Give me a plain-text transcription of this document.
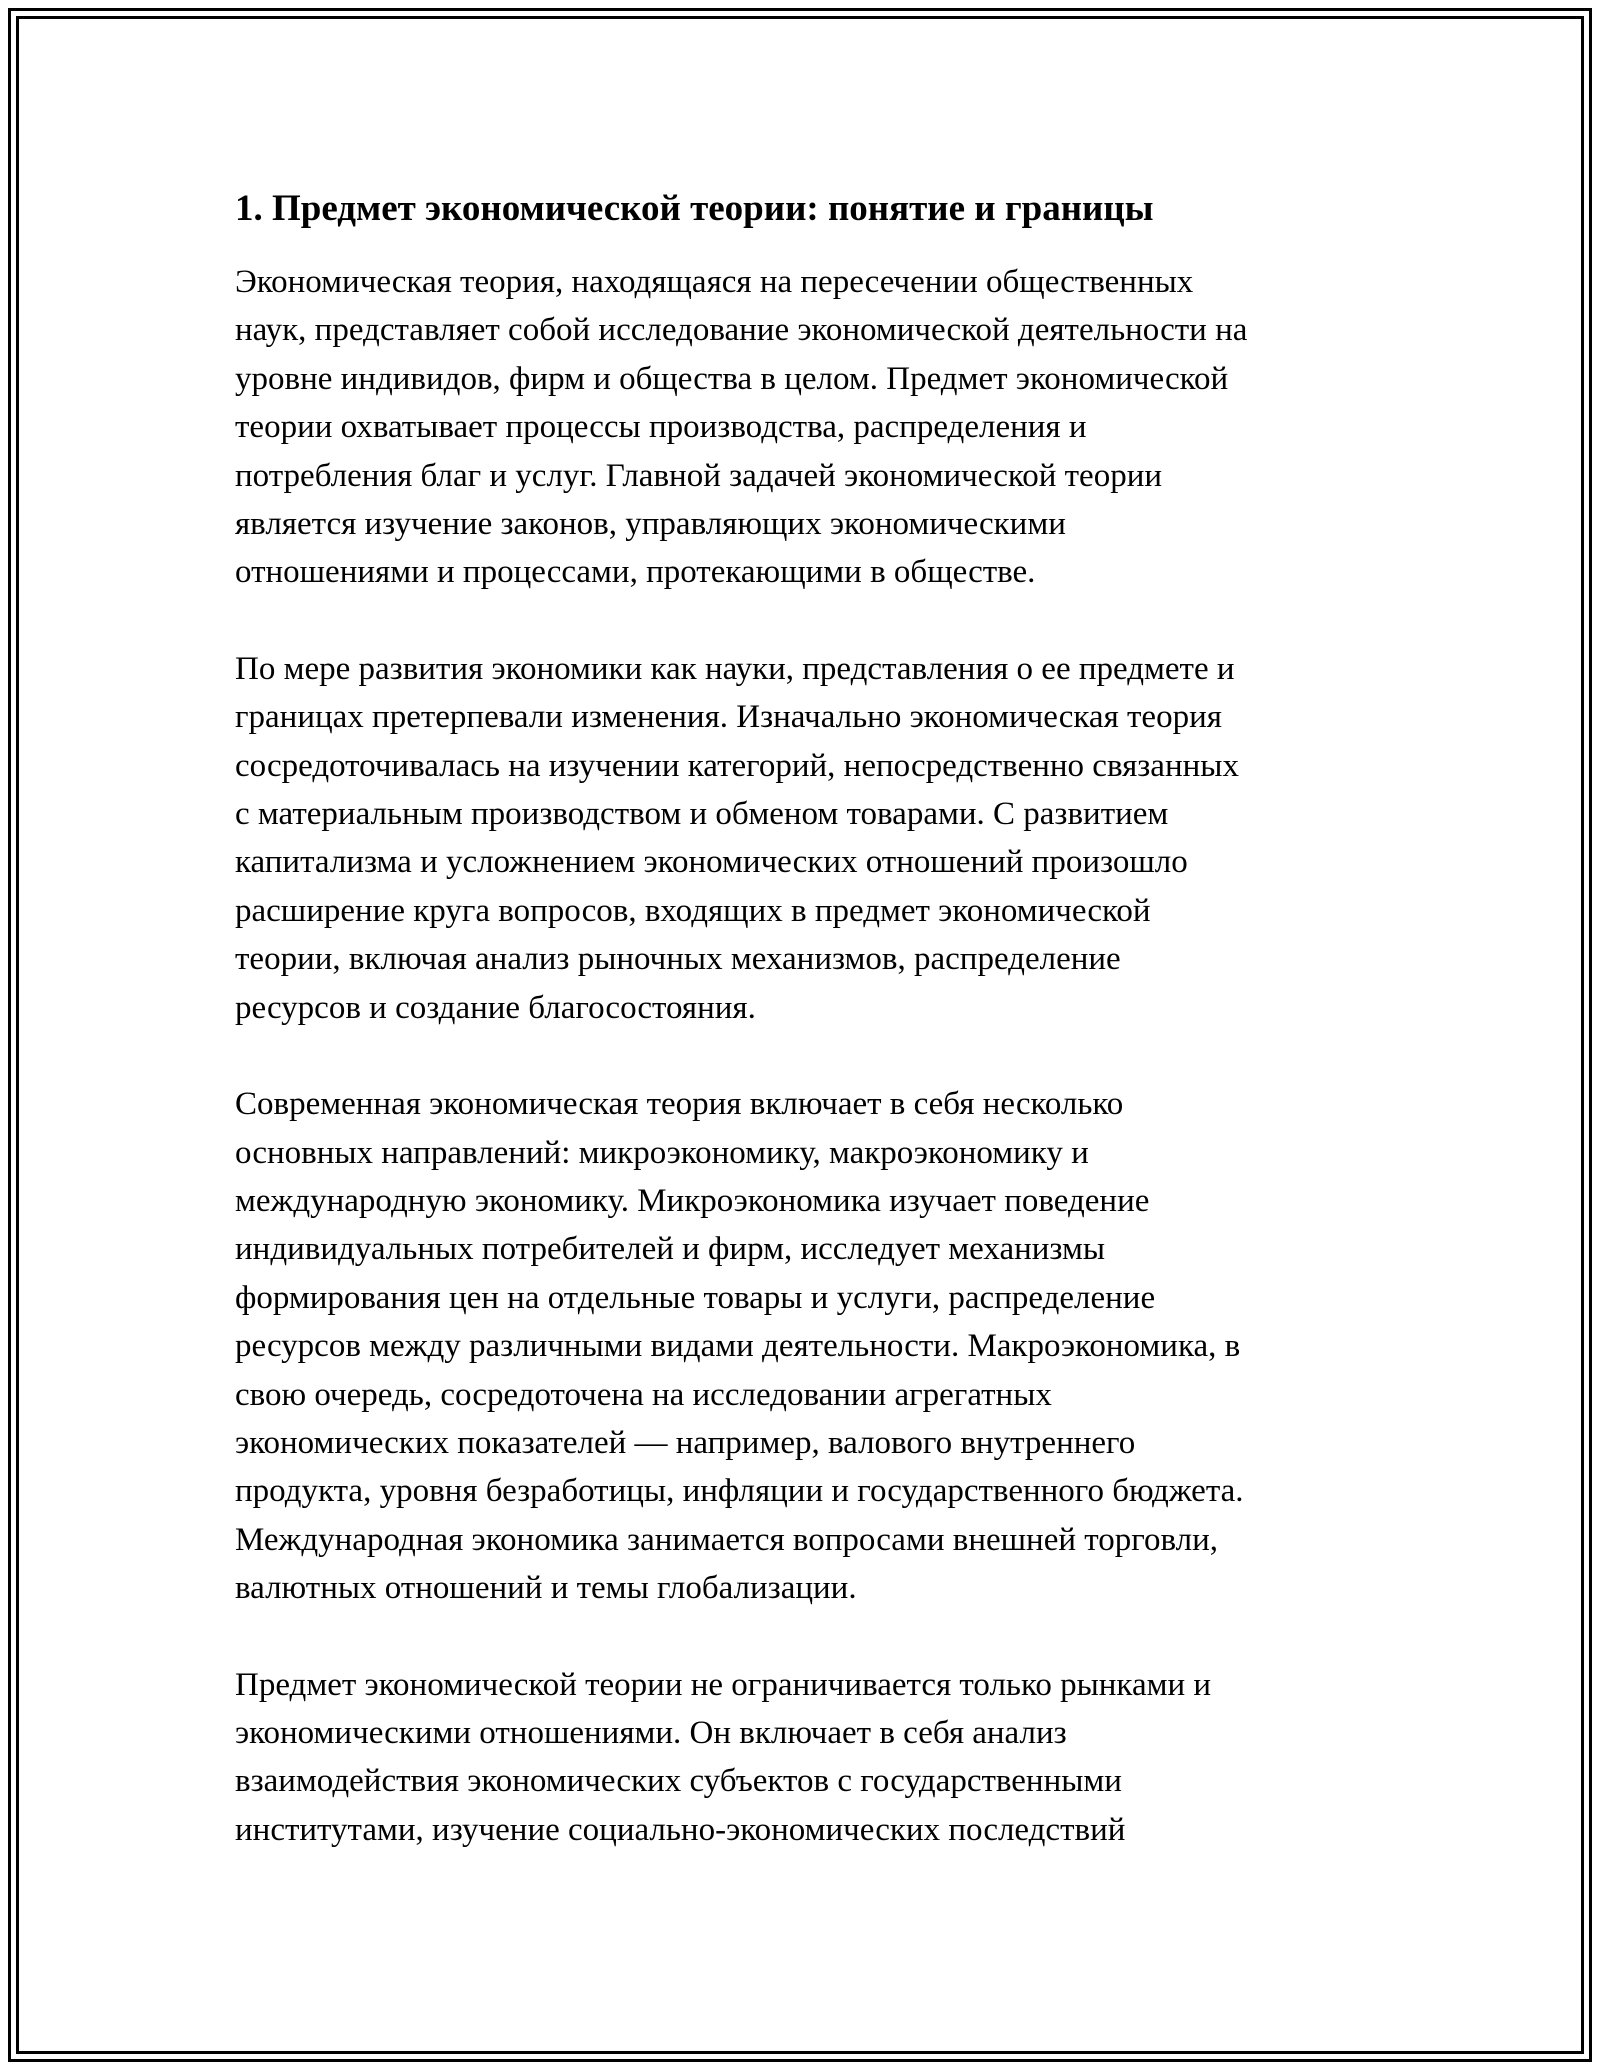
1. Предмет экономической теории: понятие и границы

Экономическая теория, находящаяся на пересечении общественных
наук, представляет собой исследование экономической деятельности на
уровне индивидов, фирм и общества в целом. Предмет экономической
теории охватывает процессы производства, распределения и
потребления благ и услуг. Главной задачей экономической теории
является изучение законов, управляющих экономическими
отношениями и процессами, протекающими в обществе.

По мере развития экономики как науки, представления о ее предмете и
границах претерпевали изменения. Изначально экономическая теория
сосредоточивалась на изучении категорий, непосредственно связанных
с материальным производством и обменом товарами. С развитием
капитализма и усложнением экономических отношений произошло
расширение круга вопросов, входящих в предмет экономической
теории, включая анализ рыночных механизмов, распределение
ресурсов и создание благосостояния.

Современная экономическая теория включает в себя несколько
основных направлений: микроэкономику, макроэкономику и
международную экономику. Микроэкономика изучает поведение
индивидуальных потребителей и фирм, исследует механизмы
формирования цен на отдельные товары и услуги, распределение
ресурсов между различными видами деятельности. Макроэкономика, в
свою очередь, сосредоточена на исследовании агрегатных
экономических показателей — например, валового внутреннего
продукта, уровня безработицы, инфляции и государственного бюджета.
Международная экономика занимается вопросами внешней торговли,
валютных отношений и темы глобализации.

Предмет экономической теории не ограничивается только рынками и
экономическими отношениями. Он включает в себя анализ
взаимодействия экономических субъектов с государственными
институтами, изучение социально-экономических последствий
